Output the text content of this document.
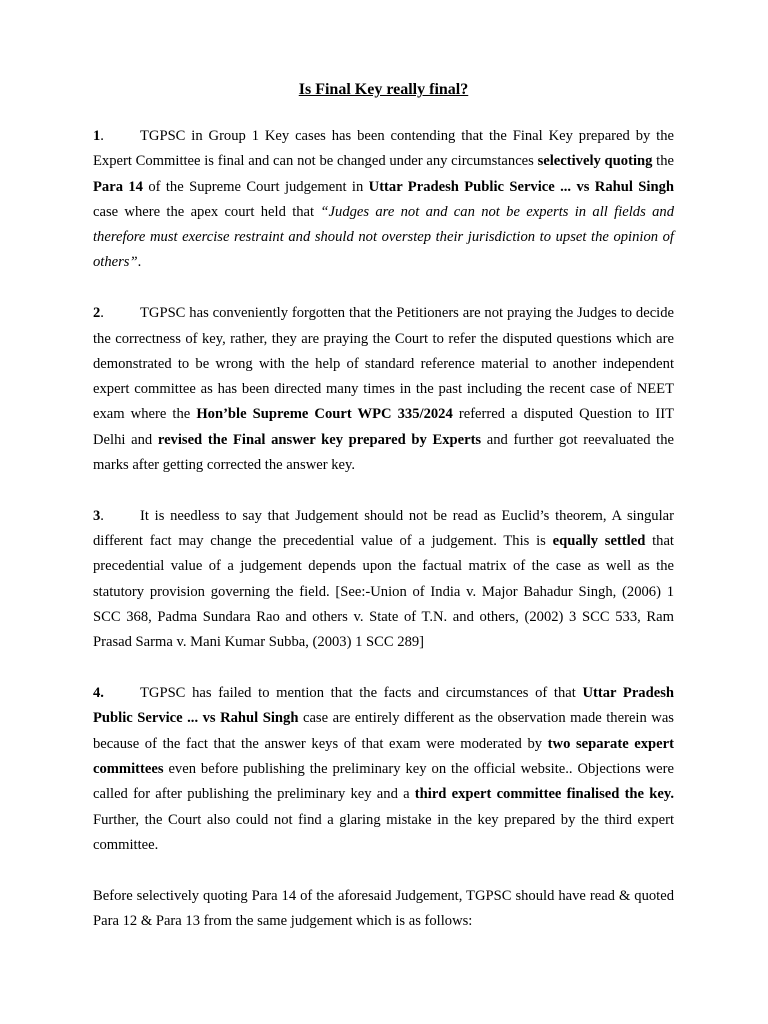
Is Final Key really final?

1. TGPSC in Group 1 Key cases has been contending that the Final Key prepared by the Expert Committee is final and can not be changed under any circumstances selectively quoting the Para 14 of the Supreme Court judgement in Uttar Pradesh Public Service ... vs Rahul Singh case where the apex court held that “Judges are not and can not be experts in all fields and therefore must exercise restraint and should not overstep their jurisdiction to upset the opinion of others”.

2. TGPSC has conveniently forgotten that the Petitioners are not praying the Judges to decide the correctness of key, rather, they are praying the Court to refer the disputed questions which are demonstrated to be wrong with the help of standard reference material to another independent expert committee as has been directed many times in the past including the recent case of NEET exam where the Hon’ble Supreme Court WPC 335/2024 referred a disputed Question to IIT Delhi and revised the Final answer key prepared by Experts and further got reevaluated the marks after getting corrected the answer key.

3. It is needless to say that Judgement should not be read as Euclid’s theorem, A singular different fact may change the precedential value of a judgement. This is equally settled that precedential value of a judgement depends upon the factual matrix of the case as well as the statutory provision governing the field. [See:-Union of India v. Major Bahadur Singh, (2006) 1 SCC 368, Padma Sundara Rao and others v. State of T.N. and others, (2002) 3 SCC 533, Ram Prasad Sarma v. Mani Kumar Subba, (2003) 1 SCC 289]

4. TGPSC has failed to mention that the facts and circumstances of that Uttar Pradesh Public Service ... vs Rahul Singh case are entirely different as the observation made therein was because of the fact that the answer keys of that exam were moderated by two separate expert committees even before publishing the preliminary key on the official website.. Objections were called for after publishing the preliminary key and a third expert committee finalised the key. Further, the Court also could not find a glaring mistake in the key prepared by the third expert committee.

Before selectively quoting Para 14 of the aforesaid Judgement, TGPSC should have read & quoted Para 12 & Para 13 from the same judgement which is as follows:
